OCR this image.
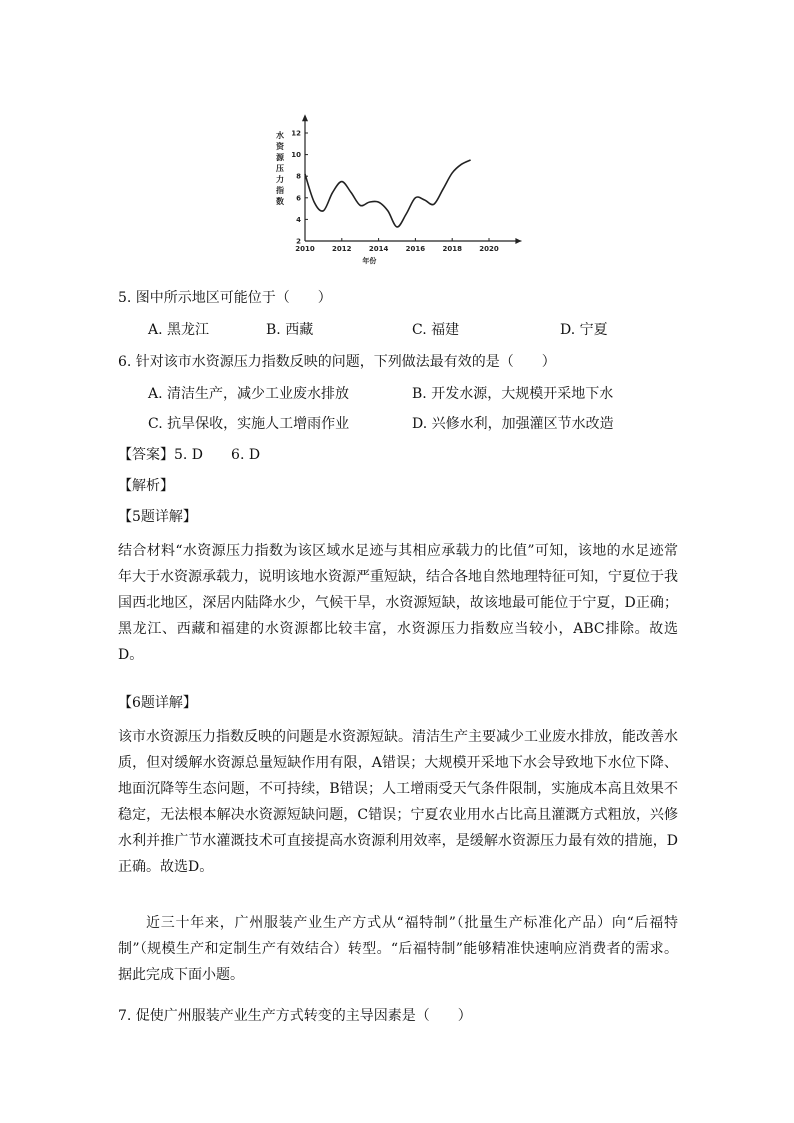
水资源压力指数
2
4
6
8
10
12
2010 2012 2014 2016 2018 2020
年份
5. 图中所示地区可能位于（　　）
A. 黑龙江	B. 西藏	C. 福建	D. 宁夏
6. 针对该市水资源压力指数反映的问题，下列做法最有效的是（　　）
A. 清洁生产，减少工业废水排放	B. 开发水源，大规模开采地下水
C. 抗旱保收，实施人工增雨作业	D. 兴修水利，加强灌区节水改造
【答案】5. D　　6. D
【解析】
【5题详解】
结合材料“水资源压力指数为该区域水足迹与其相应承载力的比值”可知，该地的水足迹常年大于水资源承载力，说明该地水资源严重短缺，结合各地自然地理特征可知，宁夏位于我国西北地区，深居内陆降水少，气候干旱，水资源短缺，故该地最可能位于宁夏，D正确；黑龙江、西藏和福建的水资源都比较丰富，水资源压力指数应当较小，ABC排除。故选D。
【6题详解】
该市水资源压力指数反映的问题是水资源短缺。清洁生产主要减少工业废水排放，能改善水质，但对缓解水资源总量短缺作用有限，A错误；大规模开采地下水会导致地下水位下降、地面沉降等生态问题，不可持续，B错误；人工增雨受天气条件限制，实施成本高且效果不稳定，无法根本解决水资源短缺问题，C错误；宁夏农业用水占比高且灌溉方式粗放，兴修水利并推广节水灌溉技术可直接提高水资源利用效率，是缓解水资源压力最有效的措施，D正确。故选D。
近三十年来，广州服装产业生产方式从“福特制”（批量生产标准化产品）向“后福特制”（规模生产和定制生产有效结合）转型。“后福特制”能够精准快速响应消费者的需求。据此完成下面小题。
7. 促使广州服装产业生产方式转变的主导因素是（　　）
